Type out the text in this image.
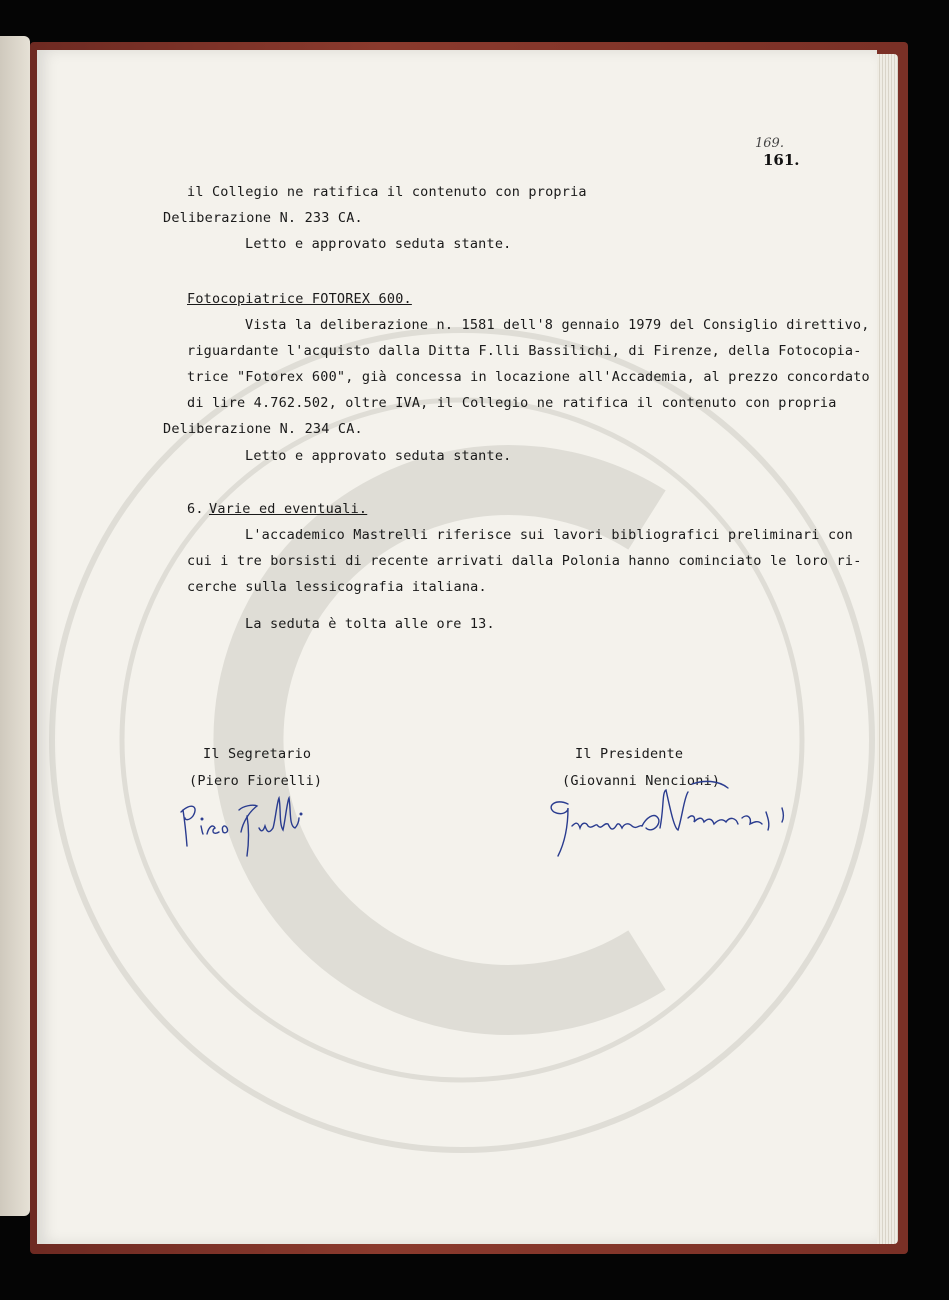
169.

161.

il Collegio ne ratifica il contenuto con propria

Deliberazione N. 233 CA.

Letto e approvato seduta stante.

Fotocopiatrice FOTOREX 600.

Vista la deliberazione n. 1581 dell'8 gennaio 1979 del Consiglio direttivo,

riguardante l'acquisto dalla Ditta F.lli Bassilichi, di Firenze, della Fotocopia-

trice "Fotorex 600", già concessa in locazione all'Accademia, al prezzo concordato

di lire 4.762.502, oltre IVA, il Collegio ne ratifica il contenuto con propria

Deliberazione N. 234 CA.

Letto e approvato seduta stante.

6. Varie ed eventuali.

L'accademico Mastrelli riferisce sui lavori bibliografici preliminari con

cui i tre borsisti di recente arrivati dalla Polonia hanno cominciato le loro ri-

cerche sulla lessicografia italiana.

La seduta è tolta alle ore 13.

Il Segretario

(Piero Fiorelli)

Il Presidente

(Giovanni Nencioni)
